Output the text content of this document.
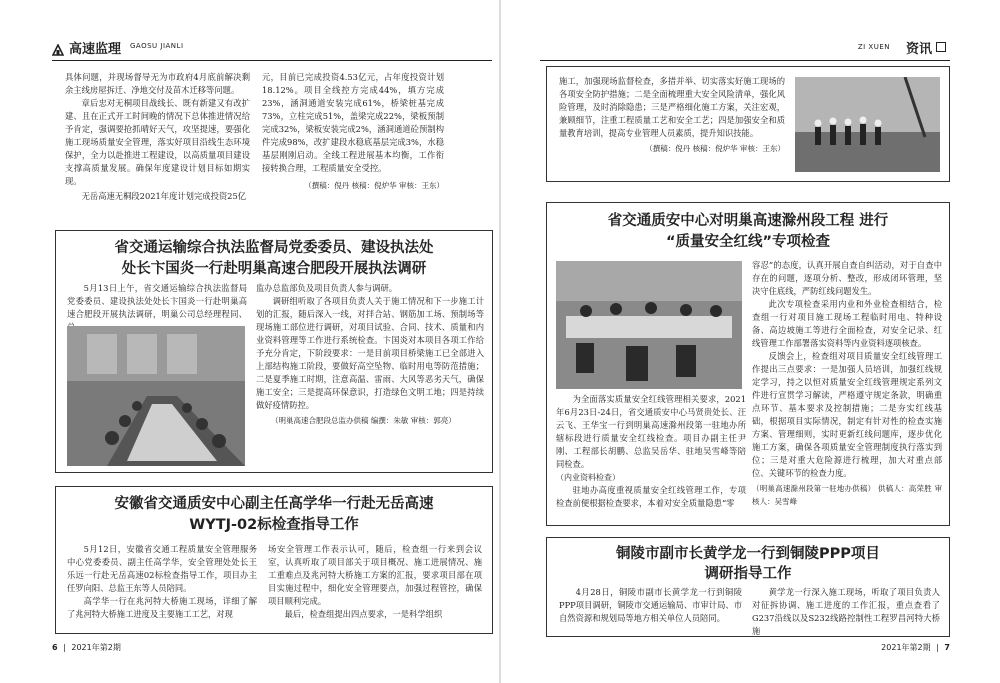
高速监理 GAOSU JIANLI	ZI XUEN 资讯

具体问题，并现场督导无为市政府4月底前解决剩余主线房屋拆迁、净地交付及苗木迁移等问题。

章后忠对无桐项目战线长、既有新建又有改扩建、且在正式开工时间晚的情况下总体推进情况给予肯定，强调要抢抓晴好天气，攻坚提速，要强化施工现场质量安全管理，落实好项目沿线生态环境保护，全力以赴推进工程建设，以高质量项目建设支撑高质量发展。确保年度建设计划目标如期实现。

无岳高速无桐段2021年度计划完成投资25亿

元，目前已完成投资4.53亿元，占年度投资计划18.12%。项目全线控方完成44%，填方完成23%，涵洞通道安装完成61%，桥梁桩基完成73%，立柱完成51%，盖梁完成22%，梁板预制完成32%，梁板安装完成2%，涵洞通道砼预制构件完成98%，改扩建段水稳底基层完成3%，水稳基层刚刚启动。全线工程进展基本均衡，工作衔接转换合理，工程质量安全受控。

（撰稿：倪丹 核稿：倪炉华 审核：王东）

省交通运输综合执法监督局党委委员、建设执法处
处长卞国炎一行赴明巢高速合肥段开展执法调研

5月13日上午，省交通运输综合执法监督局党委委员、建设执法处处长卞国炎一行赴明巢高速合肥段开展执法调研，明巢公司总经理程同、

监办总监部负及项目负责人参与调研。

调研组听取了各项目负责人关于施工情况和下一步施工计划的汇报，随后深入一线，对拌合站、钢筋加工场、预制场等现场施工部位进行调研，对项目试验、合同、技术、质量和内业资料管理等工作进行系统检查。卞国炎对本项目各项工作给予充分肯定，下阶段要求：一是目前项目桥梁施工已全部进入上部结构施工阶段，要做好高空坠物、临时用电等防范措施；二是夏季施工时期，注意高温、雷雨、大风等恶劣天气，确保施工安全；三是提高环保意识，打造绿色文明工地；四是持续做好疫情防控。

（明巢高速合肥段总监办供稿 编撰：朱敏 审核：郭亮）

安徽省交通质安中心副主任高学华一行赴无岳高速
WYTJ-02标检查指导工作

5月12日，安徽省交通工程质量安全管理服务中心党委委员、副主任高学华，安全管理处处长王乐远一行赴无岳高速02标检查指导工作，项目办主任罗向阳、总监王东等人员陪同。

高学华一行在兆河特大桥施工现场，详细了解了兆河特大桥施工进度及主要施工工艺，对现

场安全管理工作表示认可，随后，检查组一行来到会议室，认真听取了项目部关于项目概况、施工进展情况、施工重难点及兆河特大桥施工方案的汇报，要求项目部在项目实施过程中，细化安全管理要点，加强过程管控，确保项目顺利完成。

最后，检查组提出四点要求，一是科学组织

施工，加强现场监督检查，多措并举、切实落实好施工现场的各项安全防护措施；二是全面梳理重大安全风险清单，强化风险管理，及时消除隐患；三是严格细化施工方案，关注宏观，兼顾细节，注重工程质量工艺和安全工艺；四是加强安全和质量教育培训，提高专业管理人员素质，提升知识技能。

（撰稿：倪丹 核稿：倪炉华 审核：王东）

省交通质安中心对明巢高速滁州段工程 进行
“质量安全红线”专项检查

为全面落实质量安全红线管理相关要求，2021年6月23日-24日，省交通质安中心马贤贵处长、汪云飞、王华宝一行到明巢高速滁州段第一驻地办所辖标段进行质量安全红线检查。项目办副主任尹刚、工程部长胡鹏、总监吴岳华、驻地吴雪峰等陪同检查。

（内业资料检查）

驻地办高度重视质量安全红线管理工作，专项检查前便根据检查要求，本着对安全质量隐患“零

容忍”的态度，认真开展自查自纠活动，对于自查中存在的问题，逐项分析、整改，形成闭环管理，坚决守住底线，严防红线问题发生。

此次专项检查采用内业和外业检查相结合，检查组一行对项目施工现场工程临时用电、特种设备、高边坡施工等进行全面检查，对安全记录、红线管理工作部署落实资料等内业资料逐项核查。

反馈会上，检查组对项目质量安全红线管理工作提出三点要求：一是加强人员培训，加强红线规定学习，持之以恒对质量安全红线管理规定系列文件进行宣贯学习解读，严格遵守规定条款，明确重点环节、基本要求及控制措施；二是夯实红线基础，根据项目实际情况，制定有针对性的检查实施方案、管理细则，实时更新红线问题库，逐步优化施工方案，确保各项质量安全管理制度执行落实到位；三是对重大危险源进行梳理，加大对重点部位、关键环节的检查力度。

（明巢高速滁州段第一驻地办供稿） 供稿人：高荣胜 审核人：吴雪峰

铜陵市副市长黄学龙一行到铜陵PPP项目
调研指导工作

4月28日，铜陵市副市长黄学龙一行到铜陵PPP项目调研，铜陵市交通运输局、市审计局、市自然资源和规划局等地方相关单位人员陪同。

黄学龙一行深入施工现场，听取了项目负责人对征拆协调、施工进度的工作汇报，重点查看了G237沿线以及S232线路控制性工程罗昌河特大桥施

6 | 2021年第2期	2021年第2期 | 7
